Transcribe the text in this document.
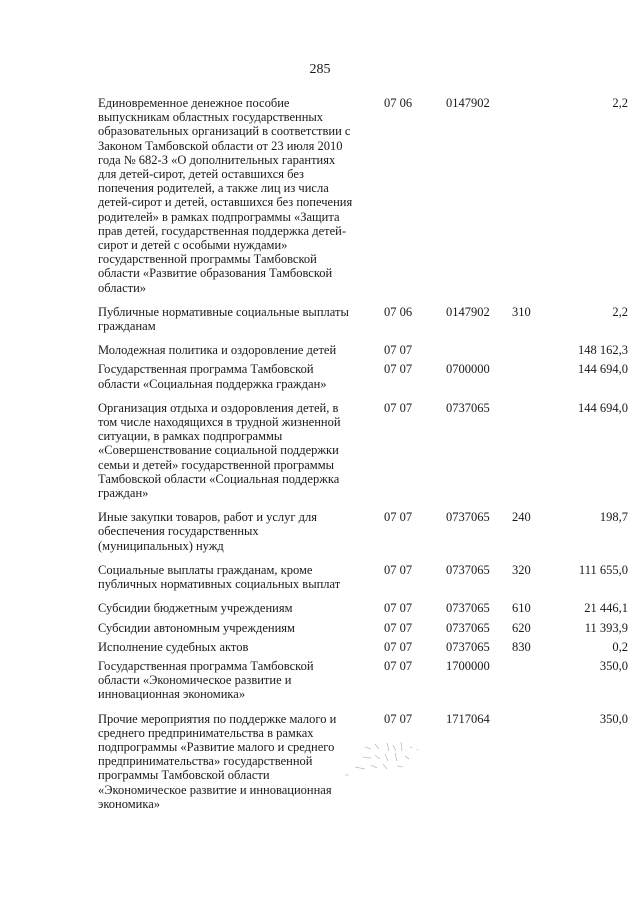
285
Единовременное денежное пособие выпускникам областных государственных образовательных организаций в соответствии с Законом Тамбовской области от 23 июля 2010 года № 682-З «О дополнительных гарантиях для детей-сирот, детей оставшихся без попечения родителей, а также лиц из числа детей-сирот и детей, оставшихся без попечения родителей» в рамках подпрограммы «Защита прав детей, государственная поддержка детей-сирот и детей с особыми нуждами» государственной программы Тамбовской области «Развитие образования Тамбовской области»	07 06	0147902		2,2
Публичные нормативные социальные выплаты гражданам	07 06	0147902	310	2,2
Молодежная политика и оздоровление детей	07 07			148 162,3
Государственная программа Тамбовской области «Социальная поддержка граждан»	07 07	0700000		144 694,0
Организация отдыха и оздоровления детей, в том числе находящихся в трудной жизненной ситуации, в рамках подпрограммы «Совершенствование социальной поддержки семьи и детей» государственной программы Тамбовской области «Социальная поддержка граждан»	07 07	0737065		144 694,0
Иные закупки товаров, работ и услуг для обеспечения государственных (муниципальных) нужд	07 07	0737065	240	198,7
Социальные выплаты гражданам, кроме публичных нормативных социальных выплат	07 07	0737065	320	111 655,0
Субсидии бюджетным учреждениям	07 07	0737065	610	21 446,1
Субсидии автономным учреждениям	07 07	0737065	620	11 393,9
Исполнение судебных актов	07 07	0737065	830	0,2
Государственная программа Тамбовской области «Экономическое развитие и инновационная экономика»	07 07	1700000		350,0
Прочие мероприятия по поддержке малого и среднего предпринимательства в рамках подпрограммы «Развитие малого и среднего предпринимательства» государственной программы Тамбовской области «Экономическое развитие и инновационная экономика»	07 07	1717064		350,0
